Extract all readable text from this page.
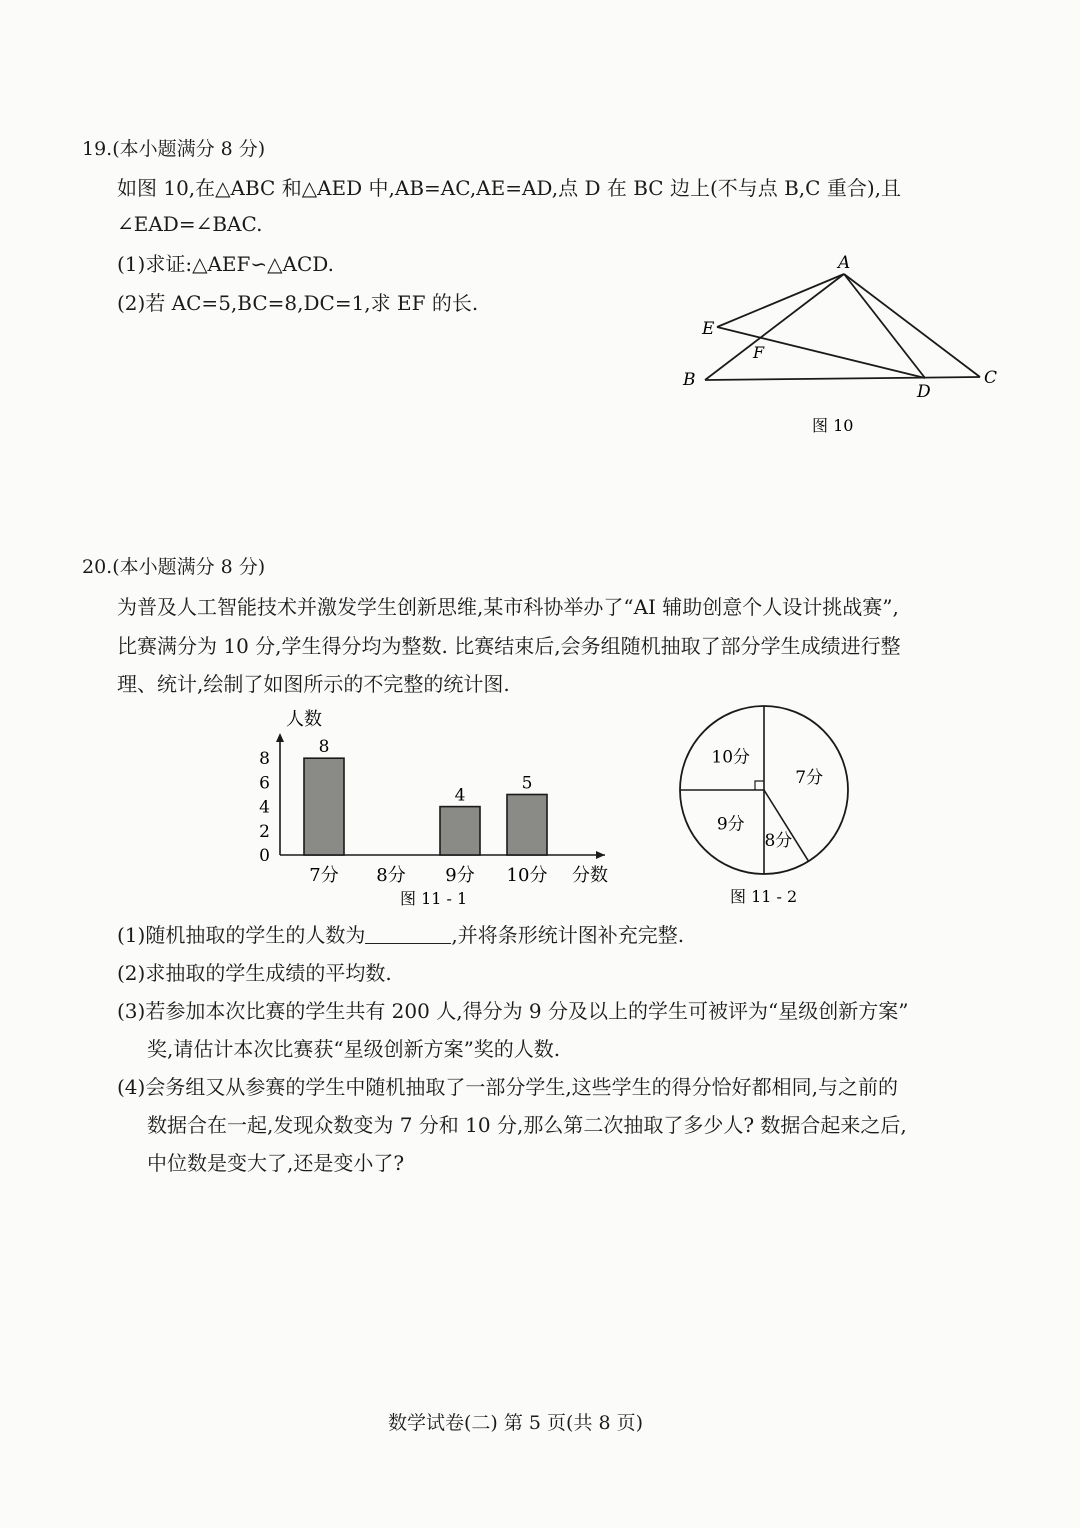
19.(本小题满分 8 分)
如图 10,在△ABC 和△AED 中,AB=AC,AE=AD,点 D 在 BC 边上(不与点 B,C 重合),且
∠EAD=∠BAC.
(1)求证:△AEF∽△ACD.
(2)若 AC=5,BC=8,DC=1,求 EF 的长.
A
E
F
B
D
C
图 10
20.(本小题满分 8 分)
为普及人工智能技术并激发学生创新思维,某市科协举办了“AI 辅助创意个人设计挑战赛”,
比赛满分为 10 分,学生得分均为整数. 比赛结束后,会务组随机抽取了部分学生成绩进行整
理、统计,绘制了如图所示的不完整的统计图.
人数
分数
图 11 - 1
0
2
4
6
8
7分
8
8分 9分
4
10分
5
10分
7分
8分
9分
图 11 - 2
(1)随机抽取的学生的人数为	,并将条形统计图补充完整.
(2)求抽取的学生成绩的平均数.
(3)若参加本次比赛的学生共有 200 人,得分为 9 分及以上的学生可被评为“星级创新方案”
奖,请估计本次比赛获“星级创新方案”奖的人数.
(4)会务组又从参赛的学生中随机抽取了一部分学生,这些学生的得分恰好都相同,与之前的
数据合在一起,发现众数变为 7 分和 10 分,那么第二次抽取了多少人? 数据合起来之后,
中位数是变大了,还是变小了?
数学试卷(二) 第 5 页(共 8 页)
